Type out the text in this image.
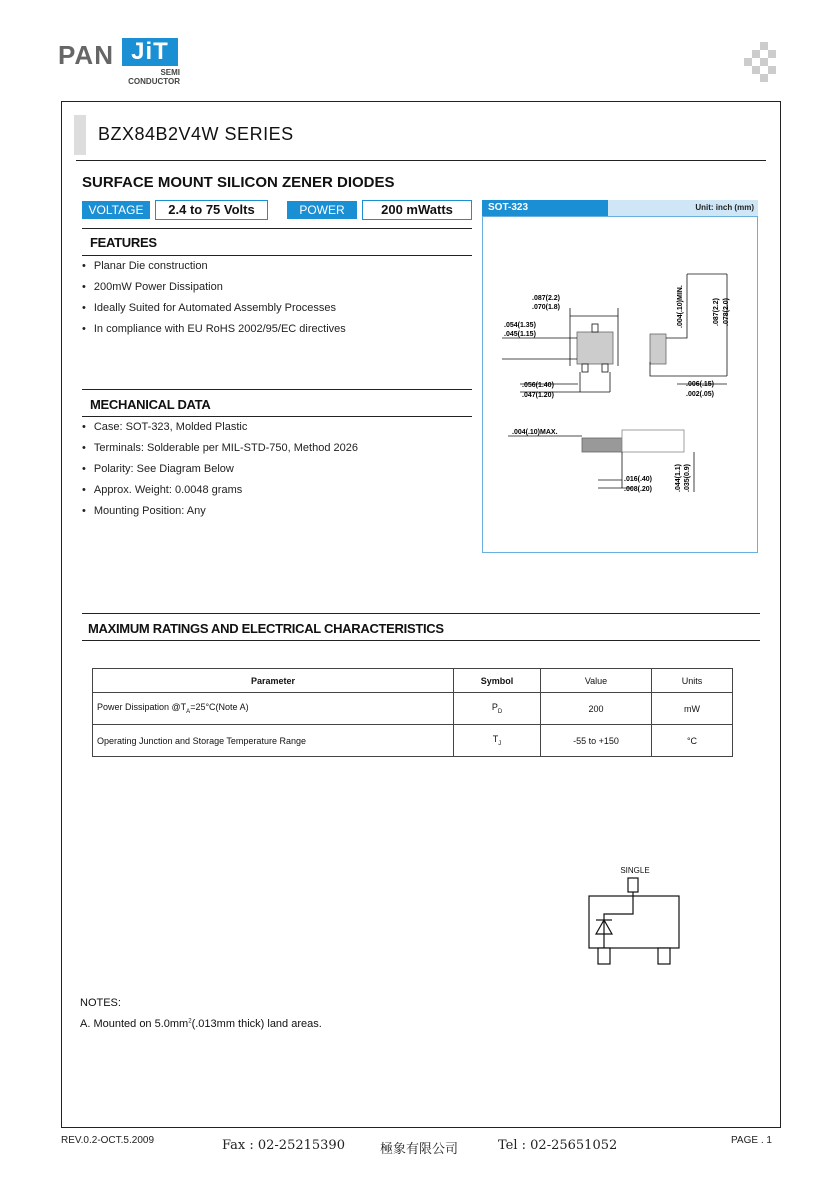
PAN JiT
SEMI
CONDUCTOR
BZX84B2V4W SERIES
SURFACE MOUNT SILICON ZENER DIODES
VOLTAGE	2.4 to 75 Volts	POWER	200 mWatts
FEATURES
• Planar Die construction
• 200mW Power Dissipation
• Ideally Suited for Automated Assembly Processes
• In compliance with EU RoHS 2002/95/EC directives
MECHANICAL DATA
• Case: SOT-323, Molded Plastic
• Terminals: Solderable per MIL-STD-750, Method 2026
• Polarity: See Diagram Below
• Approx. Weight: 0.0048 grams
• Mounting Position: Any
SOT-323	Unit: inch (mm)
.087(2.2)
.070(1.8)
.054(1.35)
.045(1.15)
.056(1.40)
.047(1.20)
.004(.10)MIN.	.087(2.2) .078(2.0)
.006(.15)
.002(.05)
.004(.10)MAX.
.016(.40)
.008(.20)	.044(1.1) .035(0.9)
MAXIMUM RATINGS AND ELECTRICAL CHARACTERISTICS
Parameter	Symbol	Value	Units
Power Dissipation $@T_A=25^\circ C(Note$ A)	$P_D$	200	mW
Operating Junction and Storage Temperature Range	$T_J$	-55 to +150	°C
SINGLE
NOTES:
A. Mounted on $5.0mm^2(.013mm$ thick) land areas.
REV.0.2-OCT.5.2009	Fax : 02-25215390	極象有限公司	Tel : 02-25651052	PAGE . 1
